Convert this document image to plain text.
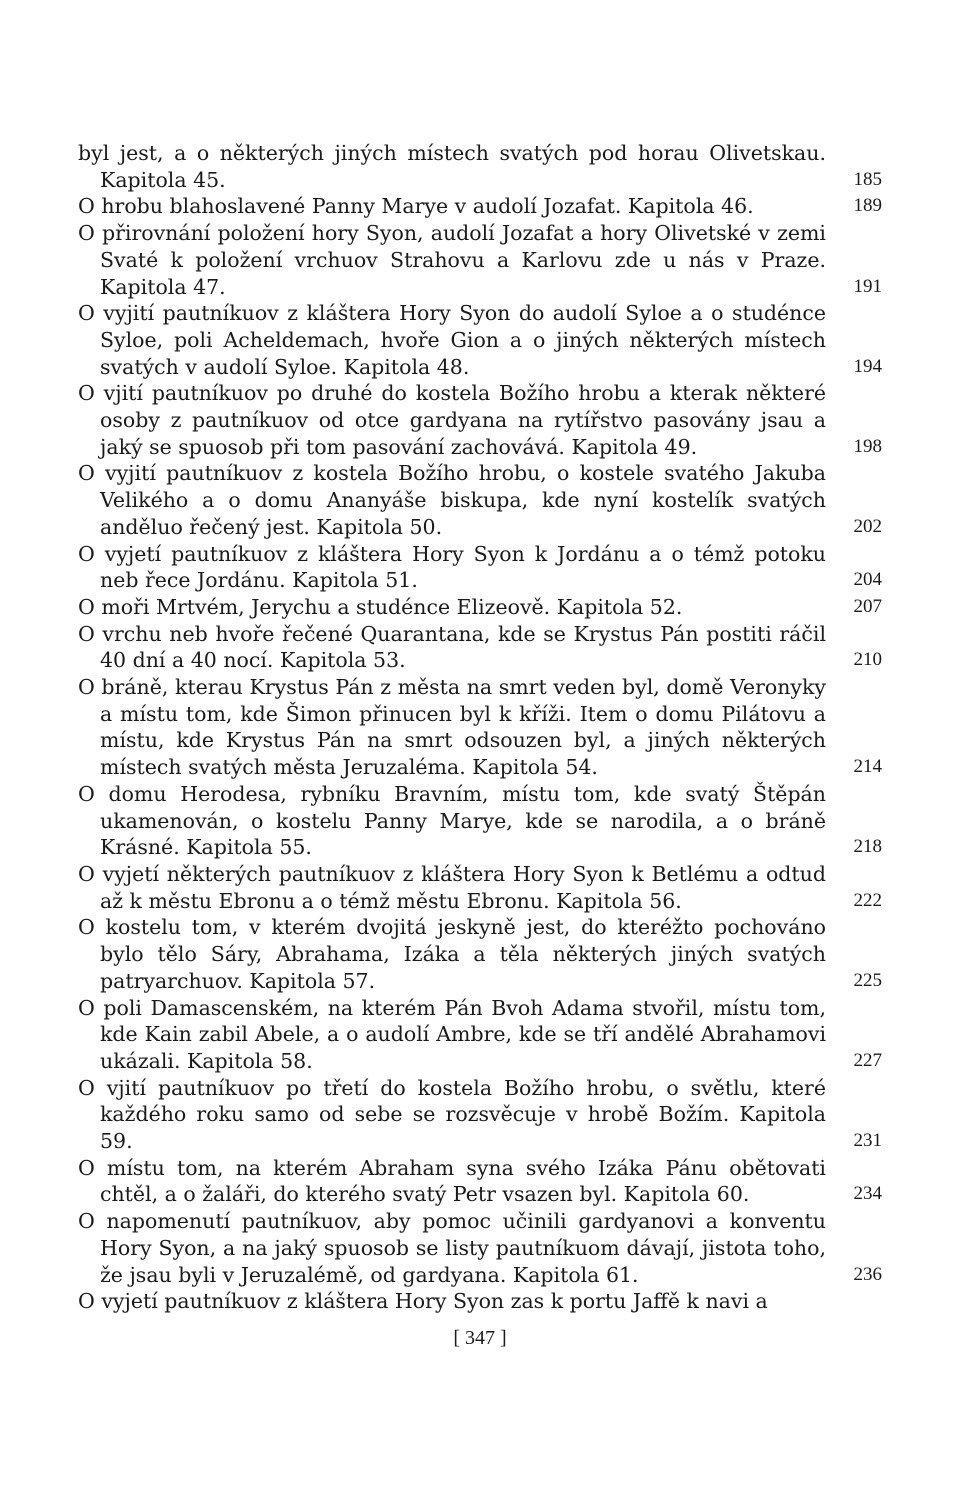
byl jest, a o některých jiných místech svatých pod horau Olivetskau. Kapitola 45.	185
O hrobu blahoslavené Panny Marye v audolí Jozafat. Kapitola 46.	189
O přirovnání položení hory Syon, audolí Jozafat a hory Olivetské v zemi Svaté k položení vrchuov Strahovu a Karlovu zde u nás v Praze. Kapitola 47.	191
O vyjití pautníkuov z kláštera Hory Syon do audolí Syloe a o studénce Syloe, poli Acheldemach, hvoře Gion a o jiných některých místech svatých v audolí Syloe. Kapitola 48.	194
O vjití pautníkuov po druhé do kostela Božího hrobu a kterak některé osoby z pautníkuov od otce gardyana na rytířstvo pasovány jsau a jaký se spuosob při tom pasování zachovává. Kapitola 49.	198
O vyjití pautníkuov z kostela Božího hrobu, o kostele svatého Jakuba Velikého a o domu Ananyáše biskupa, kde nyní kostelík svatých anděluo řečený jest. Kapitola 50.	202
O vyjetí pautníkuov z kláštera Hory Syon k Jordánu a o témž potoku neb řece Jordánu. Kapitola 51.	204
O moři Mrtvém, Jerychu a studénce Elizeově. Kapitola 52.	207
O vrchu neb hvoře řečené Quarantana, kde se Krystus Pán postiti ráčil 40 dní a 40 nocí. Kapitola 53.	210
O bráně, kterau Krystus Pán z města na smrt veden byl, domě Veronyky a místu tom, kde Šimon přinucen byl k kříži. Item o domu Pilátovu a místu, kde Krystus Pán na smrt odsouzen byl, a jiných některých místech svatých města Jeruzaléma. Kapitola 54.	214
O domu Herodesa, rybníku Bravním, místu tom, kde svatý Štěpán ukamenován, o kostelu Panny Marye, kde se narodila, a o bráně Krásné. Kapitola 55.	218
O vyjetí některých pautníkuov z kláštera Hory Syon k Betlému a odtud až k městu Ebronu a o témž městu Ebronu. Kapitola 56.	222
O kostelu tom, v kterém dvojitá jeskyně jest, do kteréžto pochováno bylo tělo Sáry, Abrahama, Izáka a těla některých jiných svatých patryarchuov. Kapitola 57.	225
O poli Damascenském, na kterém Pán Bvoh Adama stvořil, místu tom, kde Kain zabil Abele, a o audolí Ambre, kde se tří andělé Abrahamovi ukázali. Kapitola 58.	227
O vjití pautníkuov po třetí do kostela Božího hrobu, o světlu, které každého roku samo od sebe se rozsvěcuje v hrobě Božím. Kapitola 59.	231
O místu tom, na kterém Abraham syna svého Izáka Pánu obětovati chtěl, a o žaláři, do kterého svatý Petr vsazen byl. Kapitola 60.	234
O napomenutí pautníkuov, aby pomoc učinili gardyanovi a konventu Hory Syon, a na jaký spuosob se listy pautníkuom dávají, jistota toho, že jsau byli v Jeruzalémě, od gardyana. Kapitola 61.	236
O vyjetí pautníkuov z kláštera Hory Syon zas k portu Jaffě k navi a
[ 347 ]
